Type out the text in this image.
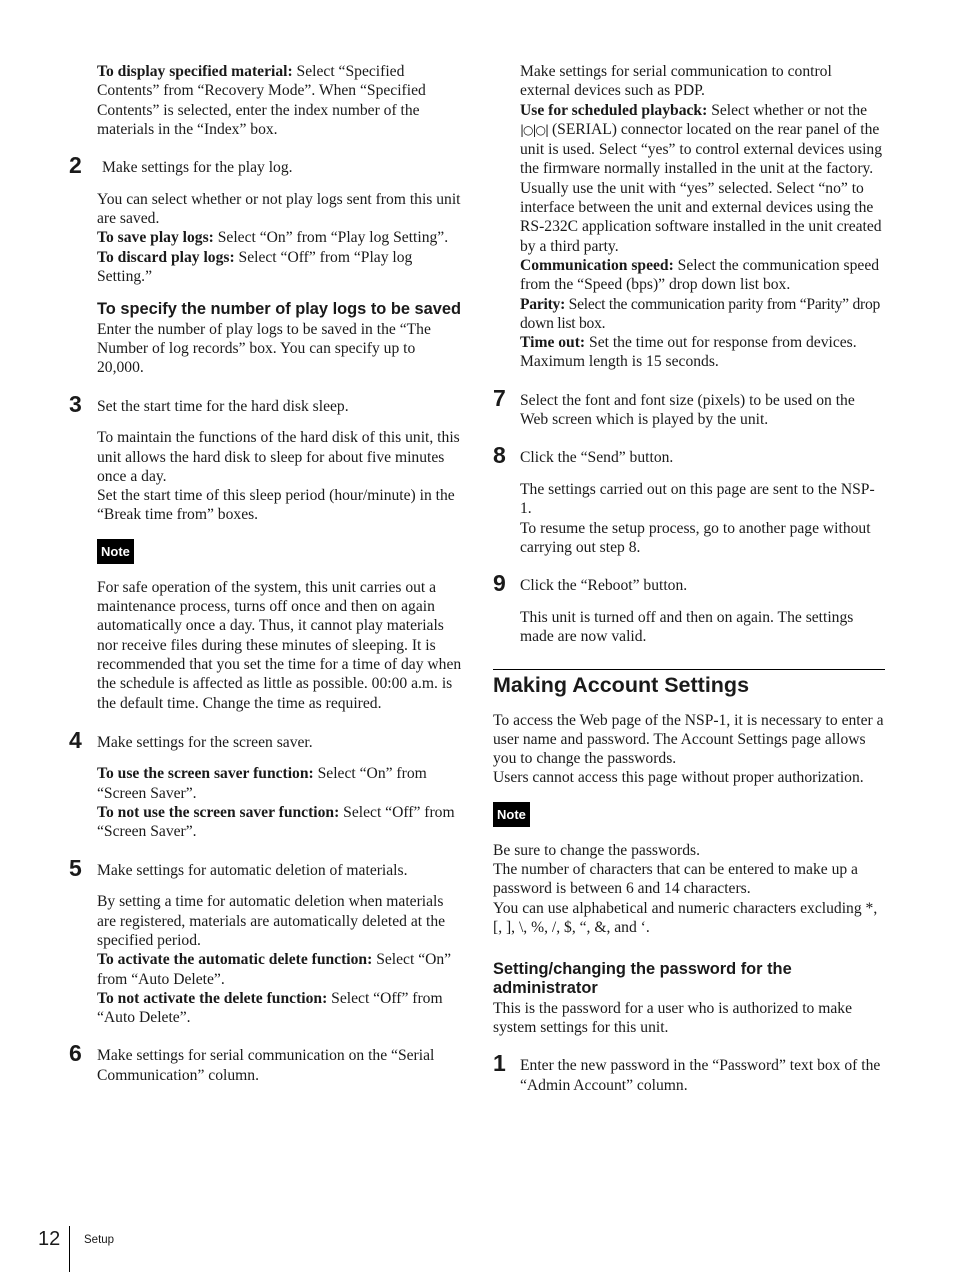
To display specified material: Select “Specified Contents” from “Recovery Mode”. When “Specified Contents” is selected, enter the index number of the materials in the “Index” box.

2	Make settings for the play log.

You can select whether or not play logs sent from this unit are saved.

To save play logs: Select “On” from “Play log Setting”.

To discard play logs: Select “Off” from “Play log Setting.”

To specify the number of play logs to be saved

Enter the number of play logs to be saved in the “The Number of log records” box. You can specify up to 20,000.

3 Set the start time for the hard disk sleep.

To maintain the functions of the hard disk of this unit, this unit allows the hard disk to sleep for about five minutes once a day.

Set the start time of this sleep period (hour/minute) in the “Break time from” boxes.

Note

For safe operation of the system, this unit carries out a maintenance process, turns off once and then on again automatically once a day. Thus, it cannot play materials nor receive files during these minutes of sleeping. It is recommended that you set the time for a time of day when the schedule is affected as little as possible. 00:00 a.m. is the default time. Change the time as required.

4 Make settings for the screen saver.

To use the screen saver function: Select “On” from “Screen Saver”.

To not use the screen saver function: Select “Off” from “Screen Saver”.

5 Make settings for automatic deletion of materials.

By setting a time for automatic deletion when materials are registered, materials are automatically deleted at the specified period.

To activate the automatic delete function: Select “On” from “Auto Delete”.

To not activate the delete function: Select “Off” from “Auto Delete”.

6 Make settings for serial communication on the “Serial Communication” column.

Make settings for serial communication to control external devices such as PDP.

Use for scheduled playback: Select whether or not the |○|○| (SERIAL) connector located on the rear panel of the unit is used. Select “yes” to control external devices using the firmware normally installed in the unit at the factory. Usually use the unit with “yes” selected. Select “no” to interface between the unit and external devices using the RS-232C application software installed in the unit created by a third party.

Communication speed: Select the communication speed from the “Speed (bps)” drop down list box.

Parity: Select the communication parity from “Parity” drop down list box.

Time out: Set the time out for response from devices. Maximum length is 15 seconds.

7 Select the font and font size (pixels) to be used on the Web screen which is played by the unit.

8 Click the “Send” button.

The settings carried out on this page are sent to the NSP-1.

To resume the setup process, go to another page without carrying out step 8.

9 Click the “Reboot” button.

This unit is turned off and then on again. The settings made are now valid.

Making Account Settings

To access the Web page of the NSP-1, it is necessary to enter a user name and password. The Account Settings page allows you to change the passwords.

Users cannot access this page without proper authorization.

Note

Be sure to change the passwords.

The number of characters that can be entered to make up a password is between 6 and 14 characters.

You can use alphabetical and numeric characters excluding *, [, ], \, %, /, $, “, &, and ‘.

Setting/changing the password for the administrator

This is the password for a user who is authorized to make system settings for this unit.

1 Enter the new password in the “Password” text box of the “Admin Account” column.

12 Setup
